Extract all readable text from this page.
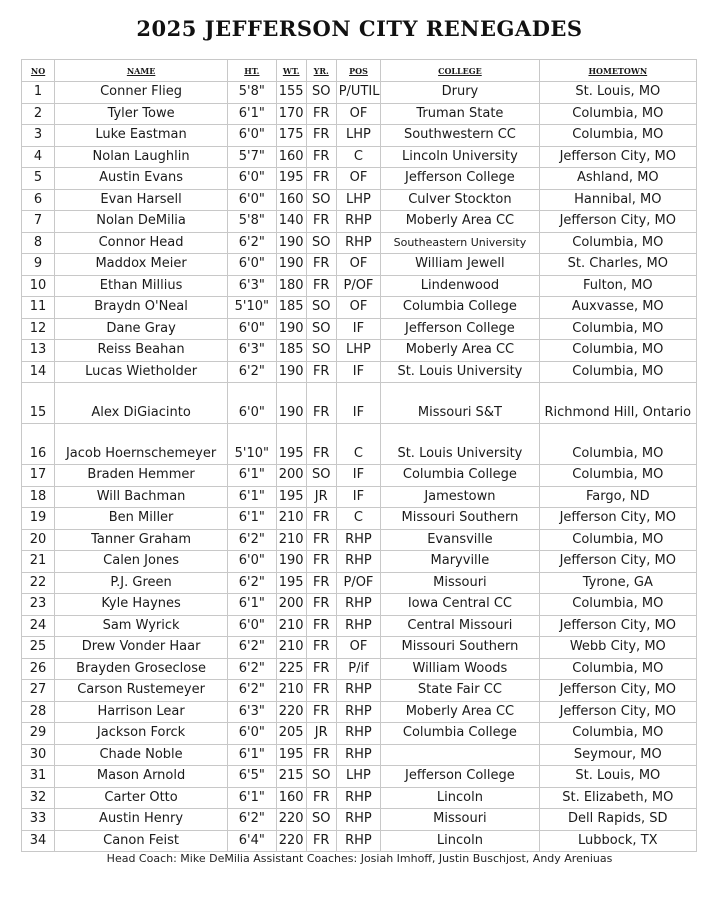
2025 JEFFERSON CITY RENEGADES
NO	NAME	HT.	WT.	YR.	POS	COLLEGE	HOMETOWN
1	Conner Flieg	5'8"	155	SO	P/UTIL	Drury	St. Louis, MO
2	Tyler Towe	6'1"	170	FR	OF	Truman State	Columbia, MO
3	Luke Eastman	6'0"	175	FR	LHP	Southwestern CC	Columbia, MO
4	Nolan Laughlin	5'7"	160	FR	C	Lincoln University	Jefferson City, MO
5	Austin Evans	6'0"	195	FR	OF	Jefferson College	Ashland, MO
6	Evan Harsell	6'0"	160	SO	LHP	Culver Stockton	Hannibal, MO
7	Nolan DeMilia	5'8"	140	FR	RHP	Moberly Area CC	Jefferson City, MO
8	Connor Head	6'2"	190	SO	RHP	Southeastern University	Columbia, MO
9	Maddox Meier	6'0"	190	FR	OF	William Jewell	St. Charles, MO
10	Ethan Millius	6'3"	180	FR	P/OF	Lindenwood	Fulton, MO
11	Braydn O'Neal	5'10"	185	SO	OF	Columbia College	Auxvasse, MO
12	Dane Gray	6'0"	190	SO	IF	Jefferson College	Columbia, MO
13	Reiss Beahan	6'3"	185	SO	LHP	Moberly Area CC	Columbia, MO
14	Lucas Wietholder	6'2"	190	FR	IF	St. Louis University	Columbia, MO
15	Alex DiGiacinto	6'0"	190	FR	IF	Missouri S&T	Richmond Hill, Ontario
16	Jacob Hoernschemeyer	5'10"	195	FR	C	St. Louis University	Columbia, MO
17	Braden Hemmer	6'1"	200	SO	IF	Columbia College	Columbia, MO
18	Will Bachman	6'1"	195	JR	IF	Jamestown	Fargo, ND
19	Ben Miller	6'1"	210	FR	C	Missouri Southern	Jefferson City, MO
20	Tanner Graham	6'2"	210	FR	RHP	Evansville	Columbia, MO
21	Calen Jones	6'0"	190	FR	RHP	Maryville	Jefferson City, MO
22	P.J. Green	6'2"	195	FR	P/OF	Missouri	Tyrone, GA
23	Kyle Haynes	6'1"	200	FR	RHP	Iowa Central CC	Columbia, MO
24	Sam Wyrick	6'0"	210	FR	RHP	Central Missouri	Jefferson City, MO
25	Drew Vonder Haar	6'2"	210	FR	OF	Missouri Southern	Webb City, MO
26	Brayden Groseclose	6'2"	225	FR	P/if	William Woods	Columbia, MO
27	Carson Rustemeyer	6'2"	210	FR	RHP	State Fair CC	Jefferson City, MO
28	Harrison Lear	6'3"	220	FR	RHP	Moberly Area CC	Jefferson City, MO
29	Jackson Forck	6'0"	205	JR	RHP	Columbia College	Columbia, MO
30	Chade Noble	6'1"	195	FR	RHP		Seymour, MO
31	Mason Arnold	6'5"	215	SO	LHP	Jefferson College	St. Louis, MO
32	Carter Otto	6'1"	160	FR	RHP	Lincoln	St. Elizabeth, MO
33	Austin Henry	6'2"	220	SO	RHP	Missouri	Dell Rapids, SD
34	Canon Feist	6'4"	220	FR	RHP	Lincoln	Lubbock, TX
Head Coach: Mike DeMilia Assistant Coaches: Josiah Imhoff, Justin Buschjost, Andy Areniuas
